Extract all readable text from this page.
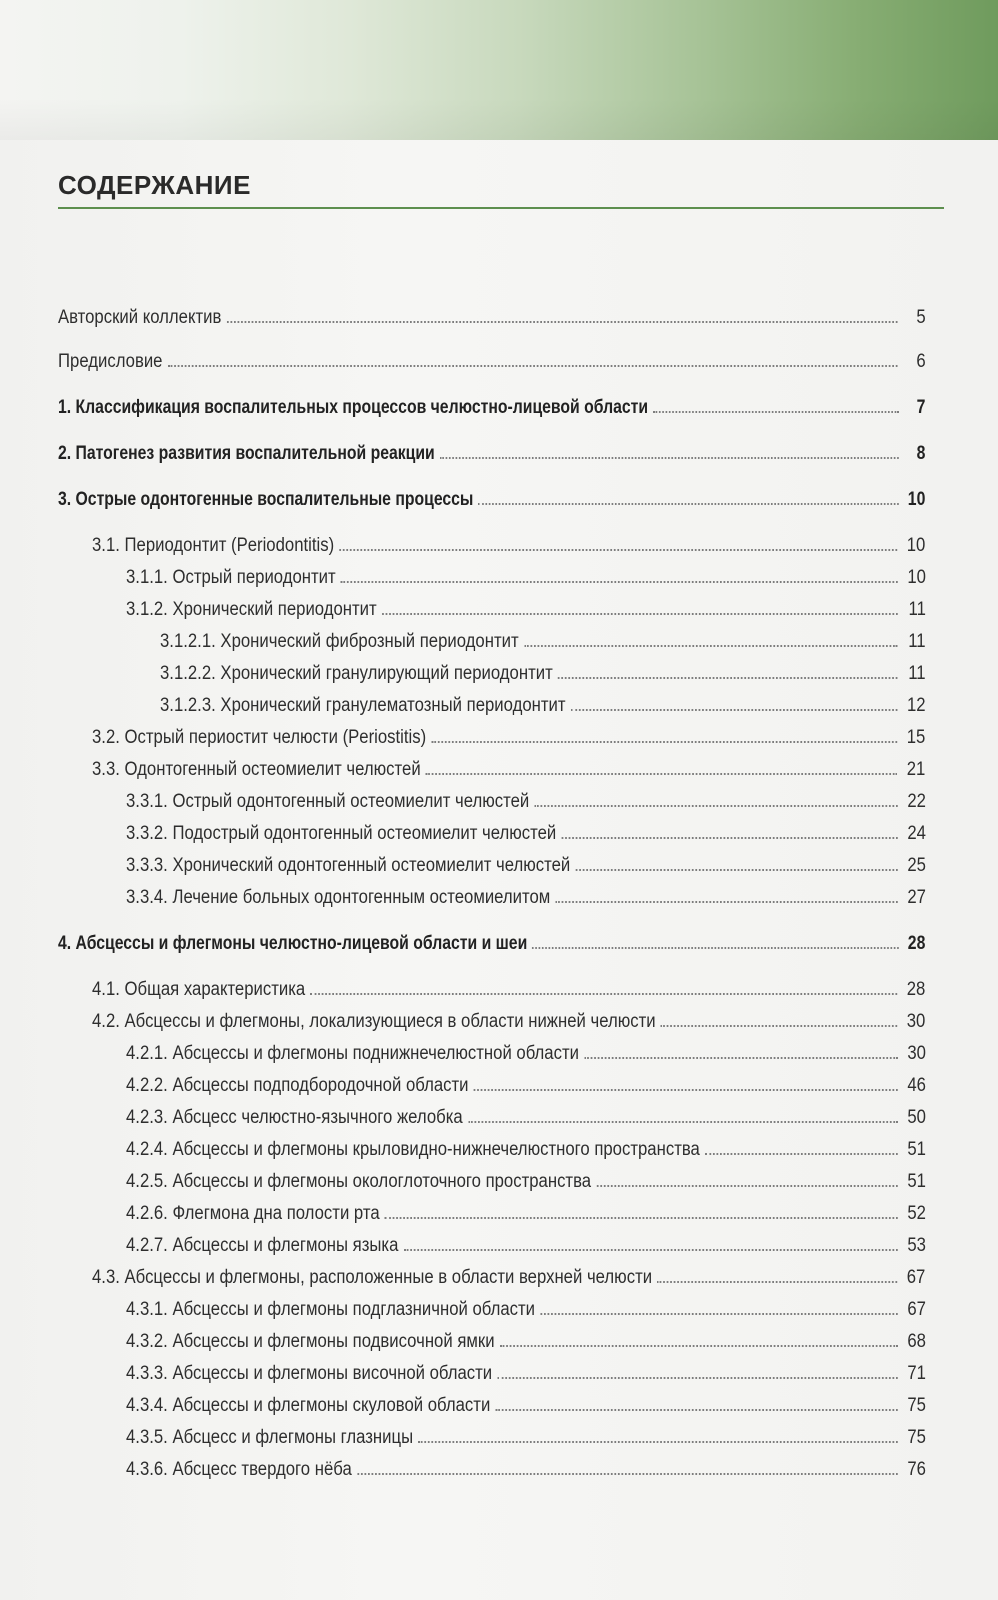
СОДЕРЖАНИЕ
Авторский коллектив	5
Предисловие	6
1. Классификация воспалительных процессов челюстно-лицевой области	7
2. Патогенез развития воспалительной реакции	8
3. Острые одонтогенные воспалительные процессы	10
3.1. Периодонтит (Periodontitis)	10
3.1.1. Острый периодонтит	10
3.1.2. Хронический периодонтит	11
3.1.2.1. Хронический фиброзный периодонтит	11
3.1.2.2. Хронический гранулирующий периодонтит	11
3.1.2.3. Хронический гранулематозный периодонтит	12
3.2. Острый периостит челюсти (Periostitis)	15
3.3. Одонтогенный остеомиелит челюстей	21
3.3.1. Острый одонтогенный остеомиелит челюстей	22
3.3.2. Подострый одонтогенный остеомиелит челюстей	24
3.3.3. Хронический одонтогенный остеомиелит челюстей	25
3.3.4. Лечение больных одонтогенным остеомиелитом	27
4. Абсцессы и флегмоны челюстно-лицевой области и шеи	28
4.1. Общая характеристика	28
4.2. Абсцессы и флегмоны, локализующиеся в области нижней челюсти	30
4.2.1. Абсцессы и флегмоны поднижнечелюстной области	30
4.2.2. Абсцессы подподбородочной области	46
4.2.3. Абсцесс челюстно-язычного желобка	50
4.2.4. Абсцессы и флегмоны крыловидно-нижнечелюстного пространства	51
4.2.5. Абсцессы и флегмоны окологлоточного пространства	51
4.2.6. Флегмона дна полости рта	52
4.2.7. Абсцессы и флегмоны языка	53
4.3. Абсцессы и флегмоны, расположенные в области верхней челюсти	67
4.3.1. Абсцессы и флегмоны подглазничной области	67
4.3.2. Абсцессы и флегмоны подвисочной ямки	68
4.3.3. Абсцессы и флегмоны височной области	71
4.3.4. Абсцессы и флегмоны скуловой области	75
4.3.5. Абсцесс и флегмоны глазницы	75
4.3.6. Абсцесс твердого нёба	76
